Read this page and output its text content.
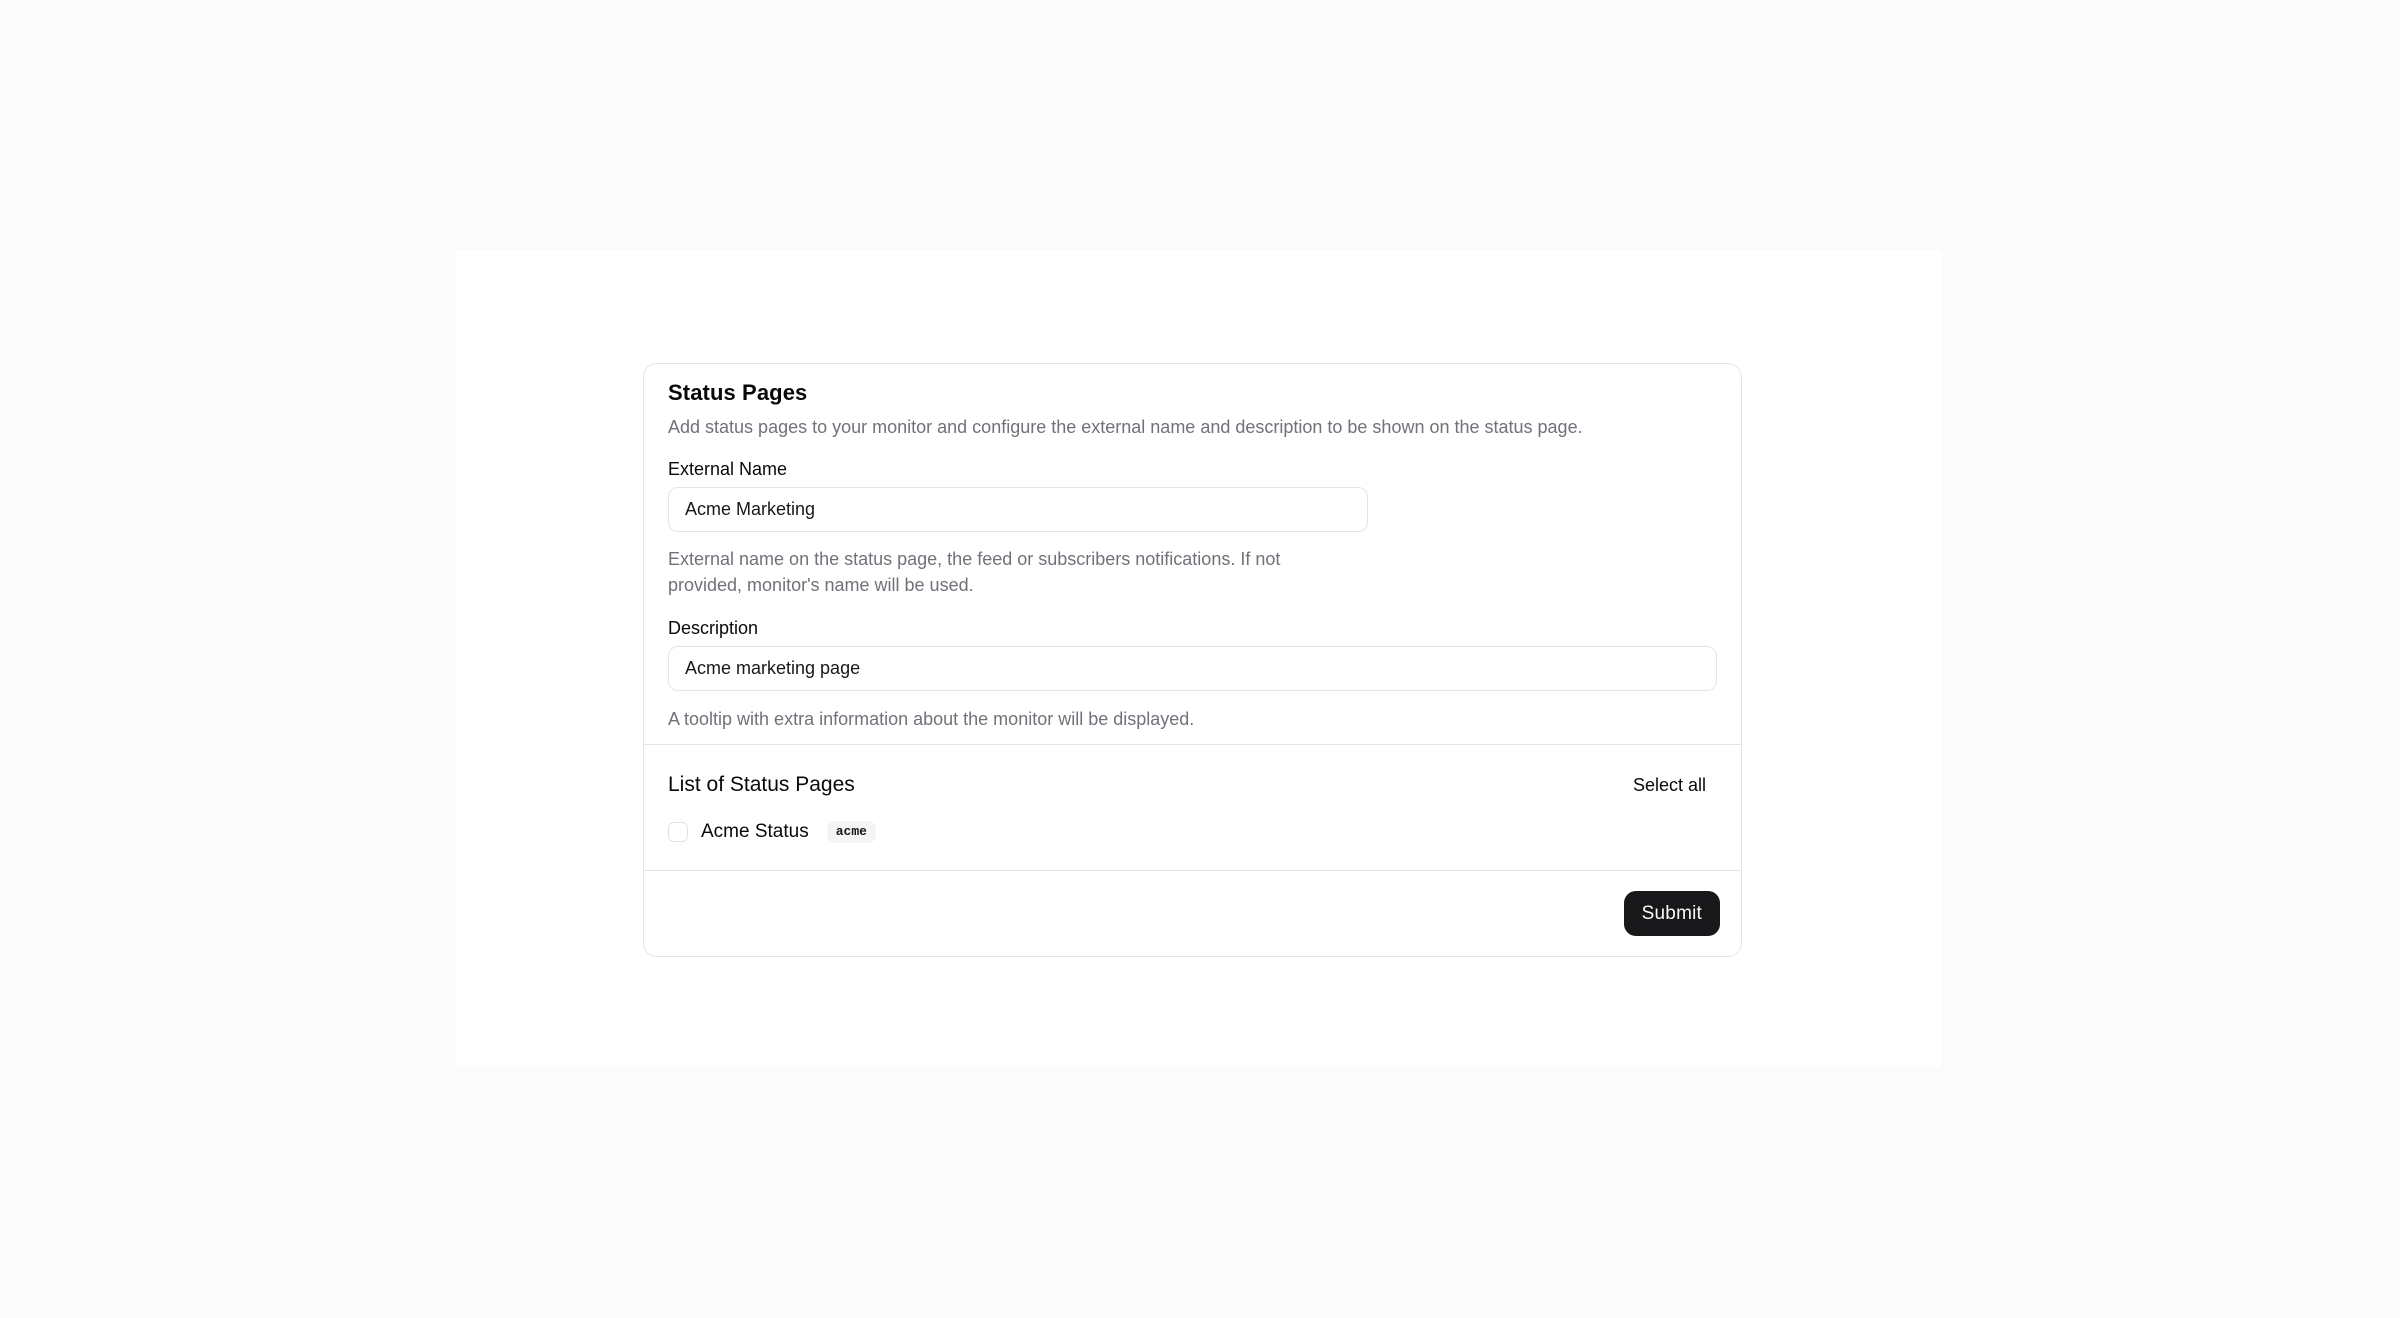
Status Pages

Add status pages to your monitor and configure the external name and description to be shown on the status page.

External Name
Acme Marketing
External name on the status page, the feed or subscribers notifications. If not
provided, monitor's name will be used.
Description
Acme marketing page
A tooltip with extra information about the monitor will be displayed.
List of Status Pages	Select all
Acme Status	acme
Submit
